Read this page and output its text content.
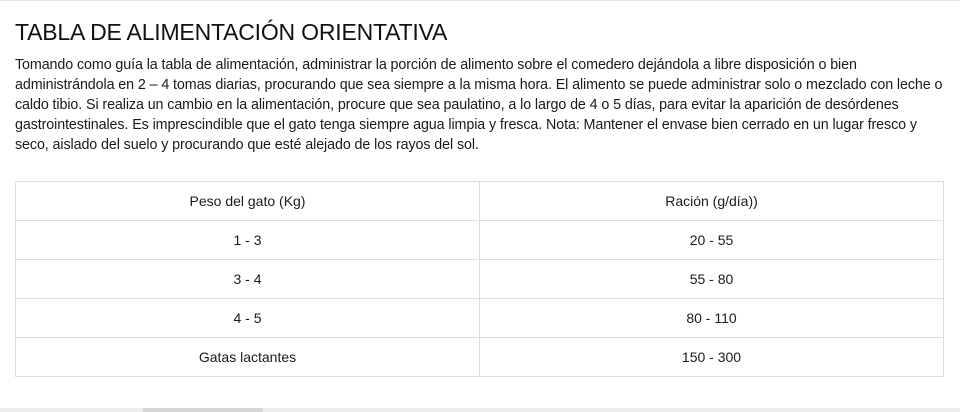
TABLA DE ALIMENTACIÓN ORIENTATIVA

Tomando como guía la tabla de alimentación, administrar la porción de alimento sobre el comedero dejándola a libre disposición o bien administrándola en 2 – 4 tomas diarias, procurando que sea siempre a la misma hora. El alimento se puede administrar solo o mezclado con leche o caldo tibio. Si realiza un cambio en la alimentación, procure que sea paulatino, a lo largo de 4 o 5 días, para evitar la aparición de desórdenes gastrointestinales. Es imprescindible que el gato tenga siempre agua limpia y fresca. Nota: Mantener el envase bien cerrado en un lugar fresco y seco, aislado del suelo y procurando que esté alejado de los rayos del sol.

Peso del gato (Kg)	Ración (g/día))
1 - 3	20 - 55
3 - 4	55 - 80
4 - 5	80 - 110
Gatas lactantes	150 - 300
